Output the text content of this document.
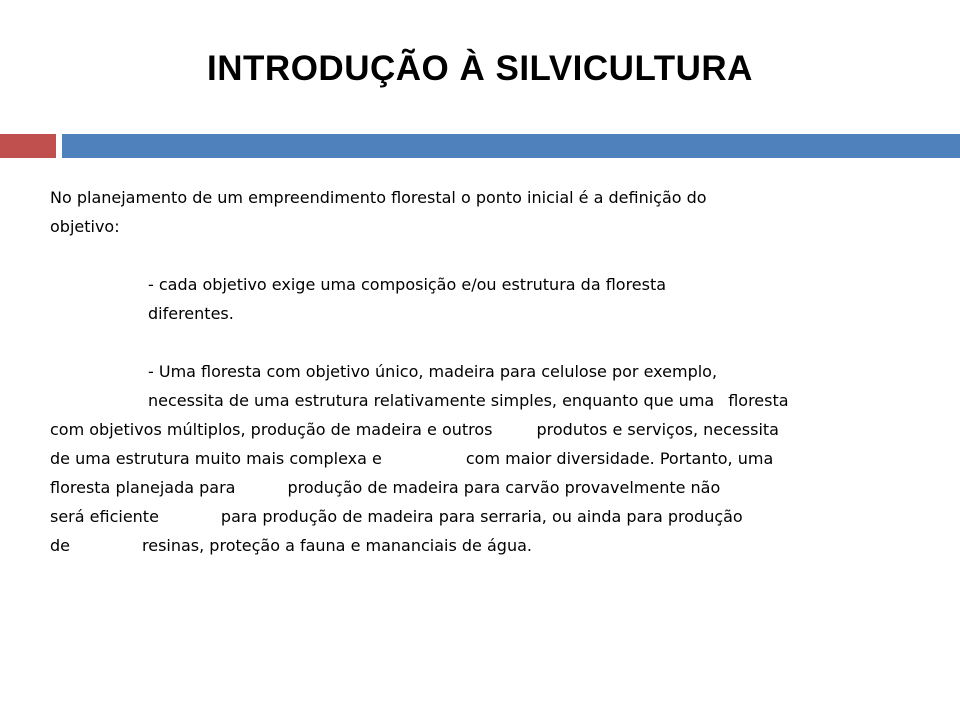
INTRODUÇÃO À SILVICULTURA
No planejamento de um empreendimento florestal o ponto inicial é a definição do
objetivo:
- cada objetivo exige uma composição e/ou estrutura da floresta
diferentes.
- Uma floresta com objetivo único, madeira para celulose por exemplo,
necessita de uma estrutura relativamente simples, enquanto que uma floresta
com objetivos múltiplos, produção de madeira e outros	produtos e serviços, necessita
de uma estrutura muito mais complexa e	com maior diversidade. Portanto, uma
floresta planejada para	produção de madeira para carvão provavelmente não
será eficiente	para produção de madeira para serraria, ou ainda para produção
de	resinas, proteção a fauna e mananciais de água.
